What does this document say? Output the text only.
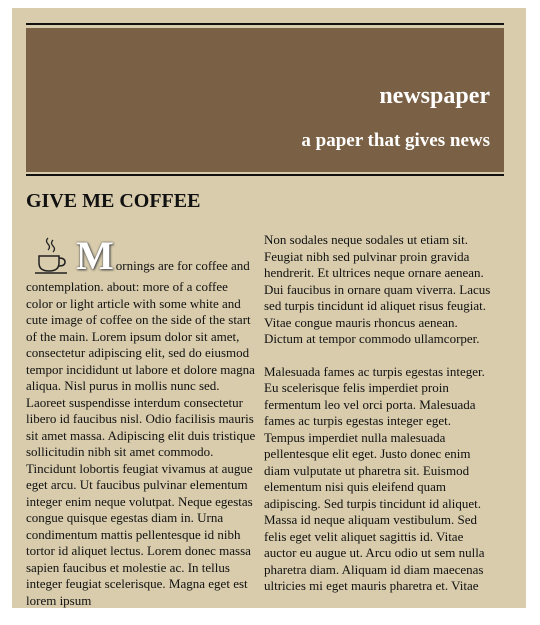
newspaper
a paper that gives news
GIVE ME COFFEE
M ornings are for coffee and

contemplation. about: more of a coffee color or light article with some white and cute image of coffee on the side of the start of the main. Lorem ipsum dolor sit amet, consectetur adipiscing elit, sed do eiusmod tempor incididunt ut labore et dolore magna aliqua. Nisl purus in mollis nunc sed. Laoreet suspendisse interdum consectetur libero id faucibus nisl. Odio facilisis mauris sit amet massa. Adipiscing elit duis tristique sollicitudin nibh sit amet commodo. Tincidunt lobortis feugiat vivamus at augue eget arcu. Ut faucibus pulvinar elementum integer enim neque volutpat. Neque egestas congue quisque egestas diam in. Urna condimentum mattis pellentesque id nibh tortor id aliquet lectus. Lorem donec massa sapien faucibus et molestie ac. In tellus integer feugiat scelerisque. Magna eget est lorem ipsum

Non sodales neque sodales ut etiam sit. Feugiat nibh sed pulvinar proin gravida hendrerit. Et ultrices neque ornare aenean. Dui faucibus in ornare quam viverra. Lacus sed turpis tincidunt id aliquet risus feugiat. Vitae congue mauris rhoncus aenean. Dictum at tempor commodo ullamcorper.

Malesuada fames ac turpis egestas integer. Eu scelerisque felis imperdiet proin fermentum leo vel orci porta. Malesuada fames ac turpis egestas integer eget. Tempus imperdiet nulla malesuada pellentesque elit eget. Justo donec enim diam vulputate ut pharetra sit. Euismod elementum nisi quis eleifend quam adipiscing. Sed turpis tincidunt id aliquet. Massa id neque aliquam vestibulum. Sed felis eget velit aliquet sagittis id. Vitae auctor eu augue ut. Arcu odio ut sem nulla pharetra diam. Aliquam id diam maecenas ultricies mi eget mauris pharetra et. Vitae
